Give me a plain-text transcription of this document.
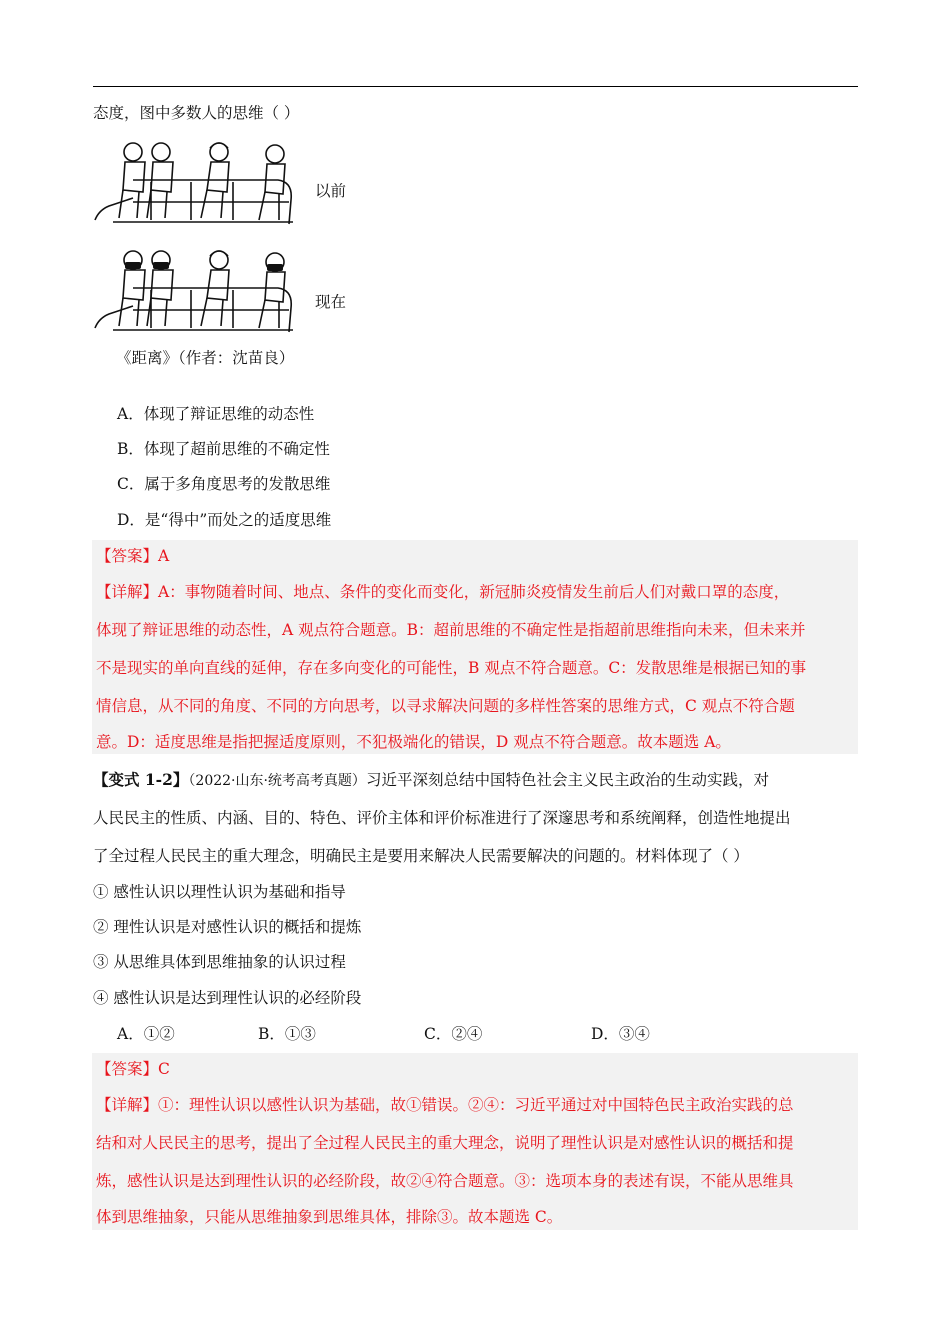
态度，图中多数人的思维（ ）
以前
现在
《距离》（作者：沈苗良）
A．体现了辩证思维的动态性
B．体现了超前思维的不确定性
C．属于多角度思考的发散思维
D．是“得中”而处之的适度思维
【答案】A
【详解】A：事物随着时间、地点、条件的变化而变化，新冠肺炎疫情发生前后人们对戴口罩的态度，
体现了辩证思维的动态性，A 观点符合题意。B：超前思维的不确定性是指超前思维指向未来，但未来并
不是现实的单向直线的延伸，存在多向变化的可能性，B 观点不符合题意。C：发散思维是根据已知的事
情信息，从不同的角度、不同的方向思考，以寻求解决问题的多样性答案的思维方式，C 观点不符合题
意。D：适度思维是指把握适度原则，不犯极端化的错误，D 观点不符合题意。故本题选 A。
【变式 1-2】（2022·山东·统考高考真题）习近平深刻总结中国特色社会主义民主政治的生动实践，对
人民民主的性质、内涵、目的、特色、评价主体和评价标准进行了深邃思考和系统阐释，创造性地提出
了全过程人民民主的重大理念，明确民主是要用来解决人民需要解决的问题的。材料体现了（ ）
① 感性认识以理性认识为基础和指导
② 理性认识是对感性认识的概括和提炼
③ 从思维具体到思维抽象的认识过程
④ 感性认识是达到理性认识的必经阶段
A．①②	B．①③	C．②④	D．③④
【答案】C
【详解】①：理性认识以感性认识为基础，故①错误。②④：习近平通过对中国特色民主政治实践的总
结和对人民民主的思考，提出了全过程人民民主的重大理念，说明了理性认识是对感性认识的概括和提
炼，感性认识是达到理性认识的必经阶段，故②④符合题意。③：选项本身的表述有误，不能从思维具
体到思维抽象，只能从思维抽象到思维具体，排除③。故本题选 C。
